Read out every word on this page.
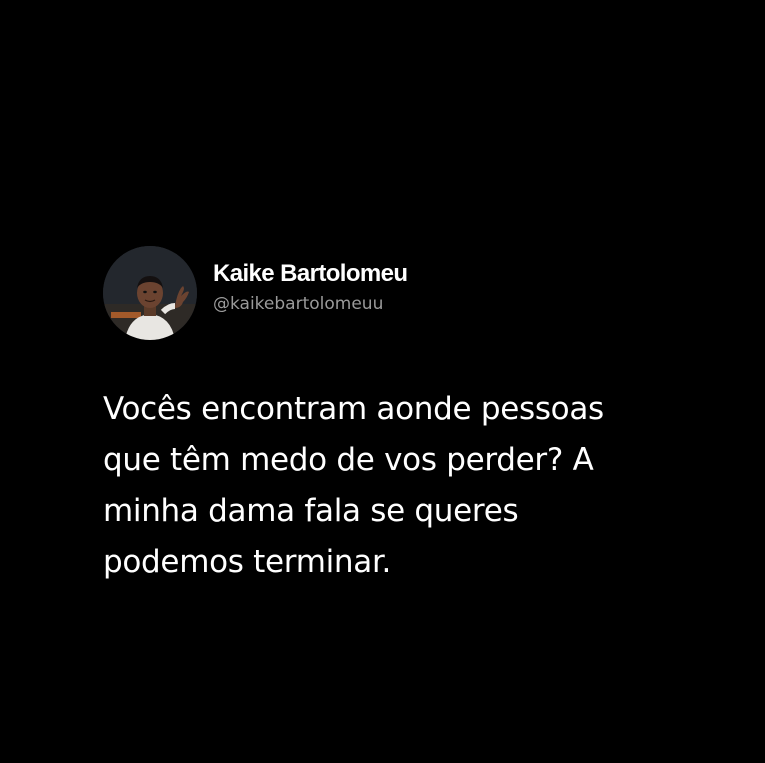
Kaike Bartolomeu
@kaikebartolomeuu
Vocês encontram aonde pessoas
que têm medo de vos perder? A
minha dama fala se queres
podemos terminar.
